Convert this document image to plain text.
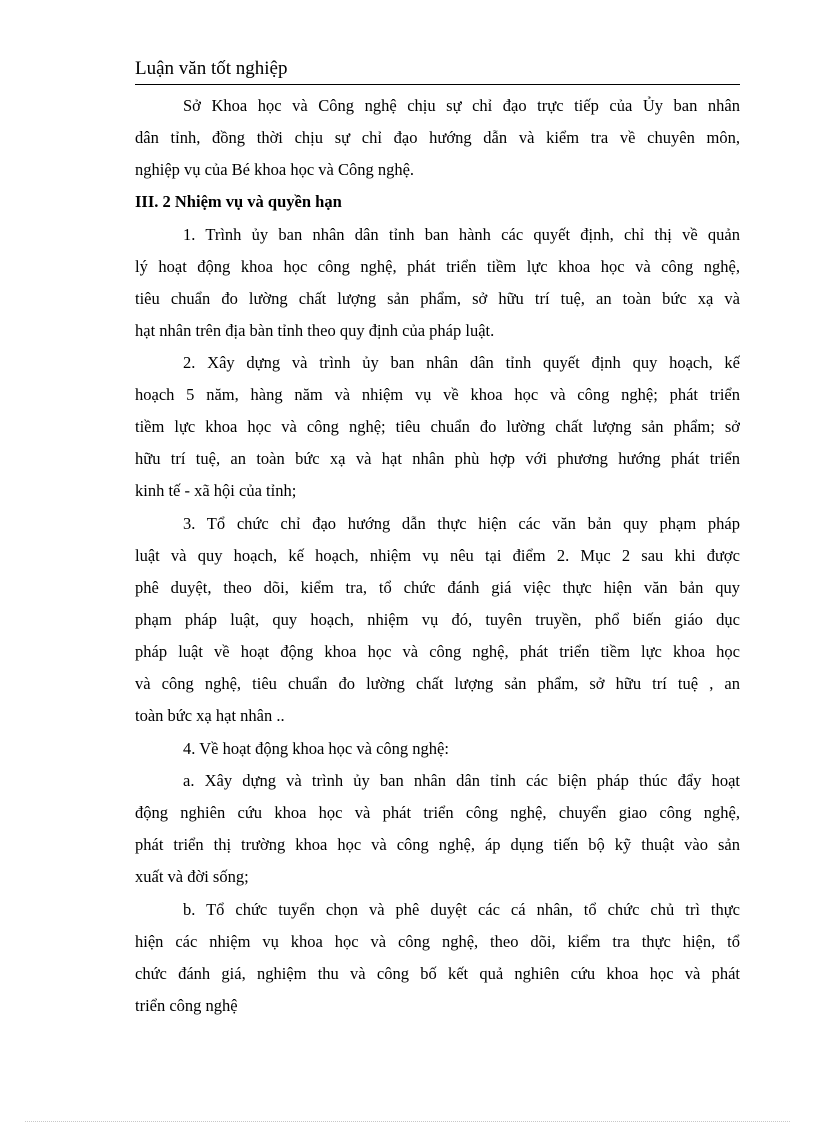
Luận văn tốt nghiệp
Sở Khoa học và Công nghệ chịu sự chỉ đạo trực tiếp của Ủy ban nhân
dân tỉnh, đồng thời chịu sự chỉ đạo hướng dẫn và kiểm tra về chuyên môn,
nghiệp vụ của Bé khoa học và Công nghệ.
III. 2 Nhiệm vụ và quyền hạn
1. Trình ủy ban nhân dân tỉnh ban hành các quyết định, chỉ thị về quản
lý hoạt động khoa học công nghệ, phát triển tiềm lực khoa học và công nghệ,
tiêu chuẩn đo lường chất lượng sản phẩm, sở hữu trí tuệ, an toàn bức xạ và
hạt nhân trên địa bàn tỉnh theo quy định của pháp luật.
2. Xây dựng và trình ủy ban nhân dân tỉnh quyết định quy hoạch, kế
hoạch 5 năm, hàng năm và nhiệm vụ về khoa học và công nghệ; phát triển
tiềm lực khoa học và công nghệ; tiêu chuẩn đo lường chất lượng sản phẩm; sở
hữu trí tuệ, an toàn bức xạ và hạt nhân phù hợp với phương hướng phát triển
kinh tế - xã hội của tỉnh;
3. Tổ chức chỉ đạo hướng dẫn thực hiện các văn bản quy phạm pháp
luật và quy hoạch, kế hoạch, nhiệm vụ nêu tại điểm 2. Mục 2 sau khi được
phê duyệt, theo dõi, kiểm tra, tổ chức đánh giá việc thực hiện văn bản quy
phạm pháp luật, quy hoạch, nhiệm vụ đó, tuyên truyền, phổ biến giáo dục
pháp luật về hoạt động khoa học và công nghệ, phát triển tiềm lực khoa học
và công nghệ, tiêu chuẩn đo lường chất lượng sản phẩm, sở hữu trí tuệ , an
toàn bức xạ hạt nhân ..
4. Về hoạt động khoa học và công nghệ:
a. Xây dựng và trình ủy ban nhân dân tỉnh các biện pháp thúc đẩy hoạt
động nghiên cứu khoa học và phát triển công nghệ, chuyển giao công nghệ,
phát triển thị trường khoa học và công nghệ, áp dụng tiến bộ kỹ thuật vào sản
xuất và đời sống;
b. Tổ chức tuyển chọn và phê duyệt các cá nhân, tổ chức chủ trì thực
hiện các nhiệm vụ khoa học và công nghệ, theo dõi, kiểm tra thực hiện, tổ
chức đánh giá, nghiệm thu và công bố kết quả nghiên cứu khoa học và phát
triển công nghệ
